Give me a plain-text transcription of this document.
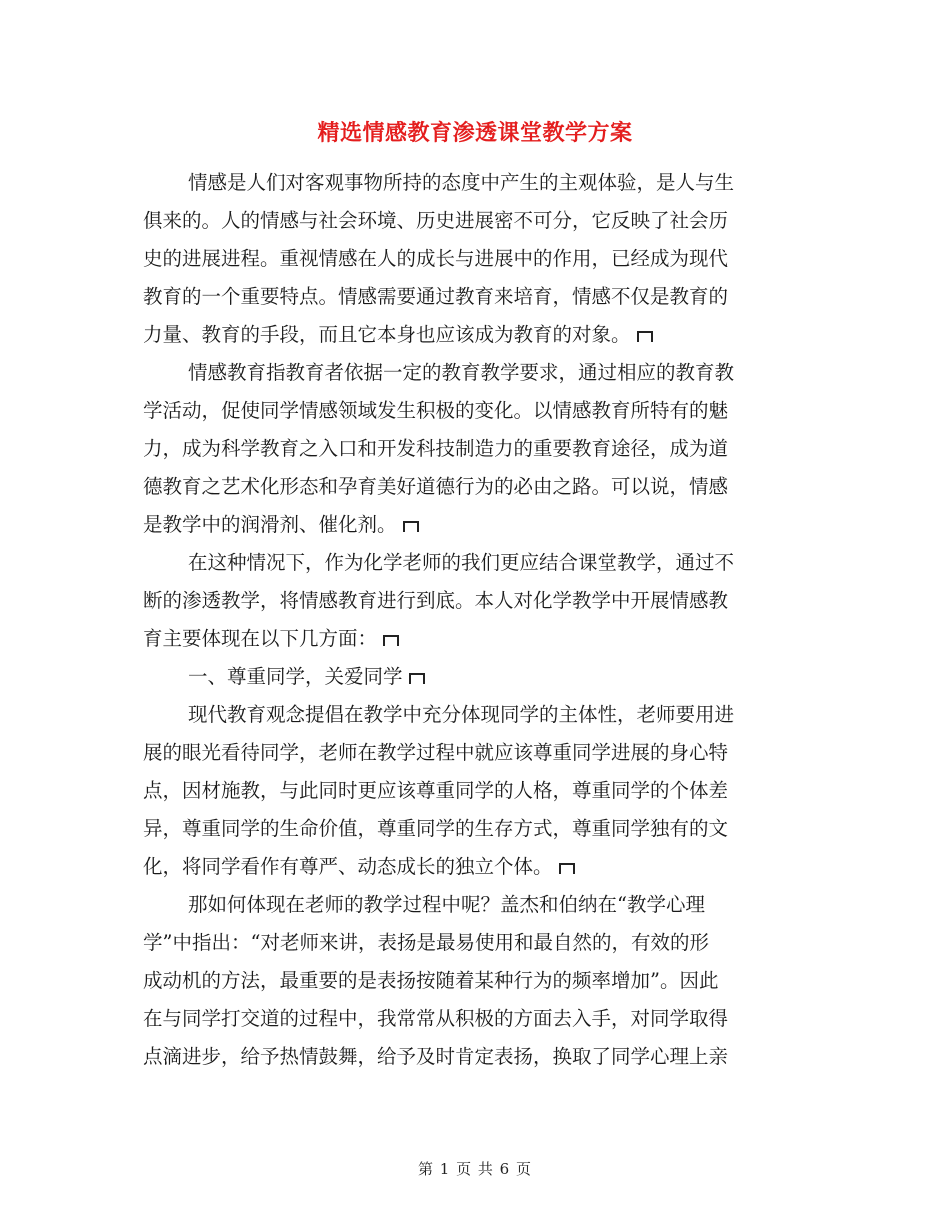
精选情感教育渗透课堂教学方案
情感是人们对客观事物所持的态度中产生的主观体验，是人与生
俱来的。人的情感与社会环境、历史进展密不可分，它反映了社会历
史的进展进程。重视情感在人的成长与进展中的作用，已经成为现代
教育的一个重要特点。情感需要通过教育来培育，情感不仅是教育的
力量、教育的手段，而且它本身也应该成为教育的对象。
情感教育指教育者依据一定的教育教学要求，通过相应的教育教
学活动，促使同学情感领域发生积极的变化。以情感教育所特有的魅
力，成为科学教育之入口和开发科技制造力的重要教育途径，成为道
德教育之艺术化形态和孕育美好道德行为的必由之路。可以说，情感
是教学中的润滑剂、催化剂。
在这种情况下，作为化学老师的我们更应结合课堂教学，通过不
断的渗透教学，将情感教育进行到底。本人对化学教学中开展情感教
育主要体现在以下几方面：
一、尊重同学，关爱同学
现代教育观念提倡在教学中充分体现同学的主体性，老师要用进
展的眼光看待同学，老师在教学过程中就应该尊重同学进展的身心特
点，因材施教，与此同时更应该尊重同学的人格，尊重同学的个体差
异，尊重同学的生命价值，尊重同学的生存方式，尊重同学独有的文
化，将同学看作有尊严、动态成长的独立个体。
那如何体现在老师的教学过程中呢？盖杰和伯纳在“教学心理
学”中指出：“对老师来讲，表扬是最易使用和最自然的，有效的形
成动机的方法，最重要的是表扬按随着某种行为的频率增加”。因此
在与同学打交道的过程中，我常常从积极的方面去入手，对同学取得
点滴进步，给予热情鼓舞，给予及时肯定表扬，换取了同学心理上亲
第 1 页 共 6 页
